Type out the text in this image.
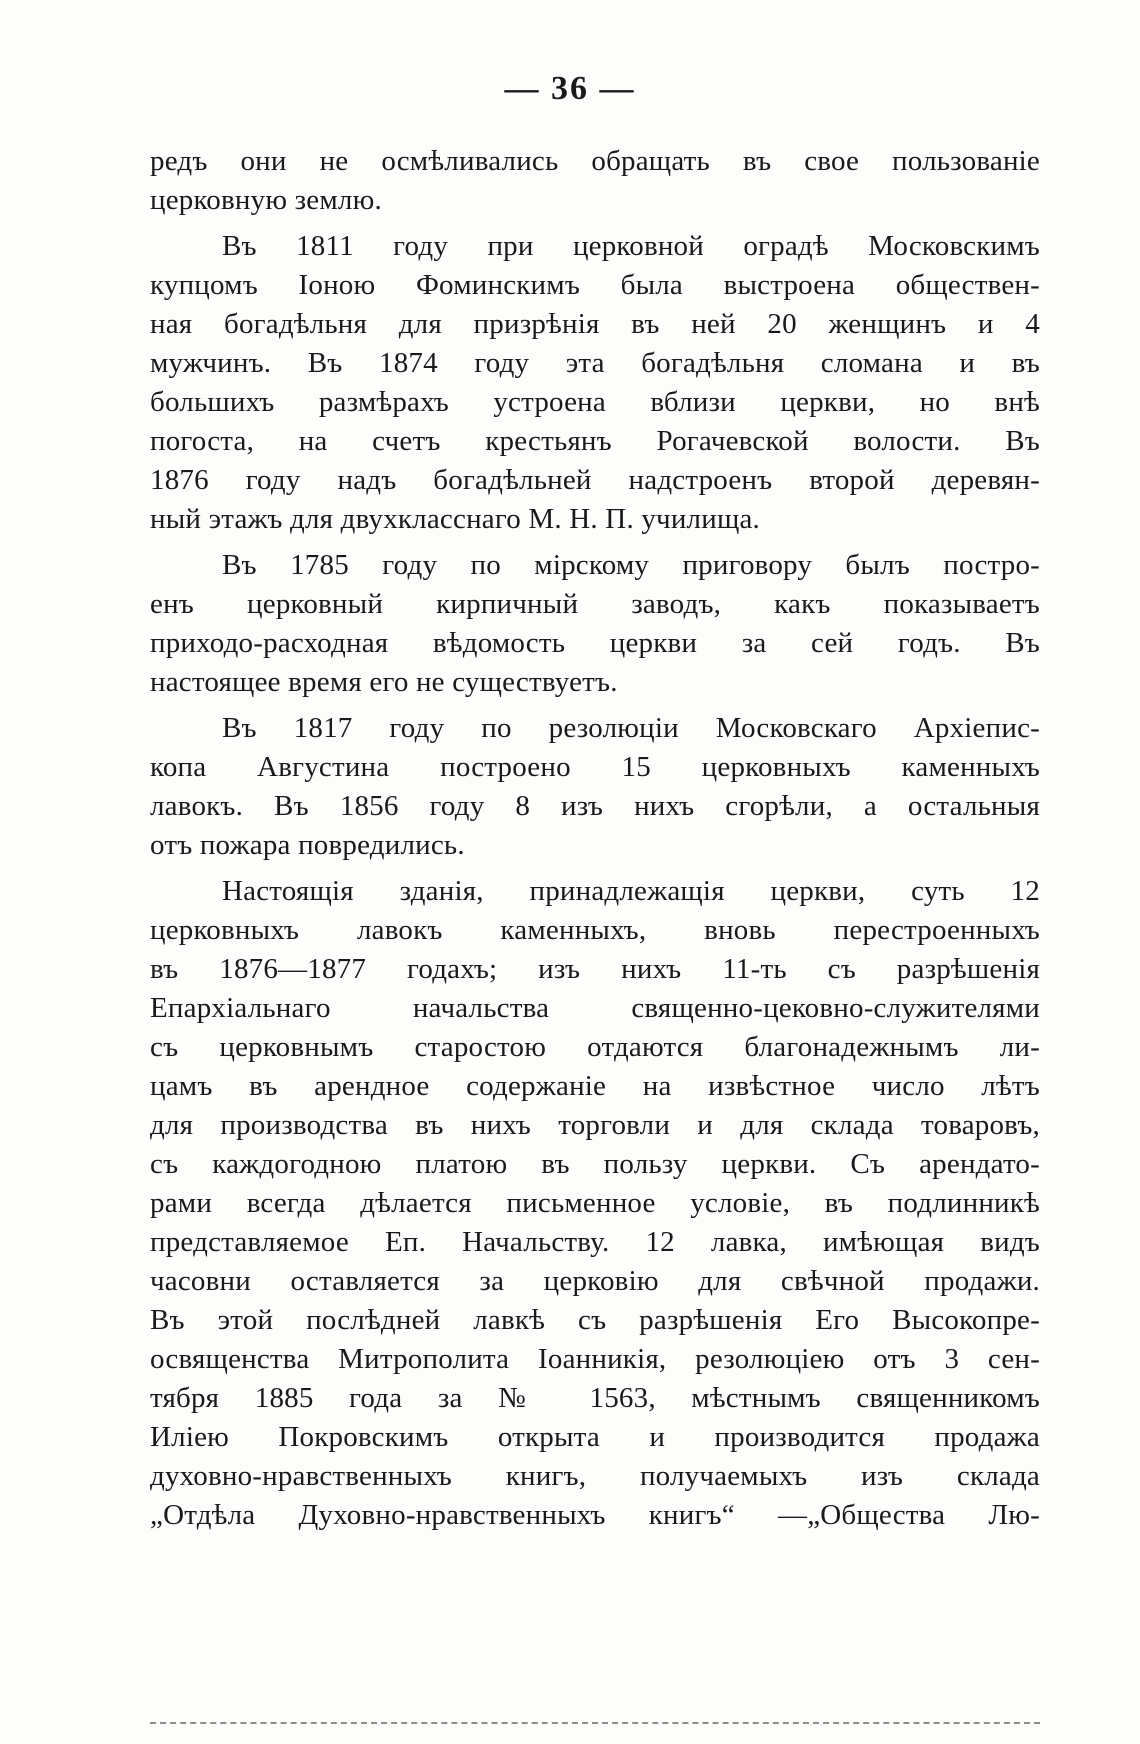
— 36 —
редъ они не осмѣливались обращать въ свое пользованіе
церковную землю.
Въ 1811 году при церковной оградѣ Московскимъ
купцомъ Іоною Фоминскимъ была выстроена обществен-
ная богадѣльня для призрѣнія въ ней 20 женщинъ и 4
мужчинъ. Въ 1874 году эта богадѣльня сломана и въ
большихъ размѣрахъ устроена вблизи церкви, но внѣ
погоста, на счетъ крестьянъ Рогачевской волости. Въ
1876 году надъ богадѣльней надстроенъ второй деревян-
ный этажъ для двухкласснаго М. Н. П. училища.
Въ 1785 году по мірскому приговору былъ постро-
енъ церковный кирпичный заводъ, какъ показываетъ
приходо-расходная вѣдомость церкви за сей годъ. Въ
настоящее время его не существуетъ.
Въ 1817 году по резолюціи Московскаго Архіепис-
копа Августина построено 15 церковныхъ каменныхъ
лавокъ. Въ 1856 году 8 изъ нихъ сгорѣли, а остальныя
отъ пожара повредились.
Настоящія зданія, принадлежащія церкви, суть 12
церковныхъ лавокъ каменныхъ, вновь перестроенныхъ
въ 1876—1877 годахъ; изъ нихъ 11-ть съ разрѣшенія
Епархіальнаго начальства священно-цековно-служителями
съ церковнымъ старостою отдаются благонадежнымъ ли-
цамъ въ арендное содержаніе на извѣстное число лѣтъ
для производства въ нихъ торговли и для склада товаровъ,
съ каждогодною платою въ пользу церкви. Съ арендато-
рами всегда дѣлается письменное условіе, въ подлинникѣ
представляемое Еп. Начальству. 12 лавка, имѣющая видъ
часовни оставляется за церковію для свѣчной продажи.
Въ этой послѣдней лавкѣ съ разрѣшенія Его Высокопре-
освященства Митрополита Іоанникія, резолюціею отъ 3 сен-
тября 1885 года за № 1563, мѣстнымъ священникомъ
Иліею Покровскимъ открыта и производится продажа
духовно-нравственныхъ книгъ, получаемыхъ изъ склада
„Отдѣла Духовно-нравственныхъ книгъ“ —„Общества Лю-
